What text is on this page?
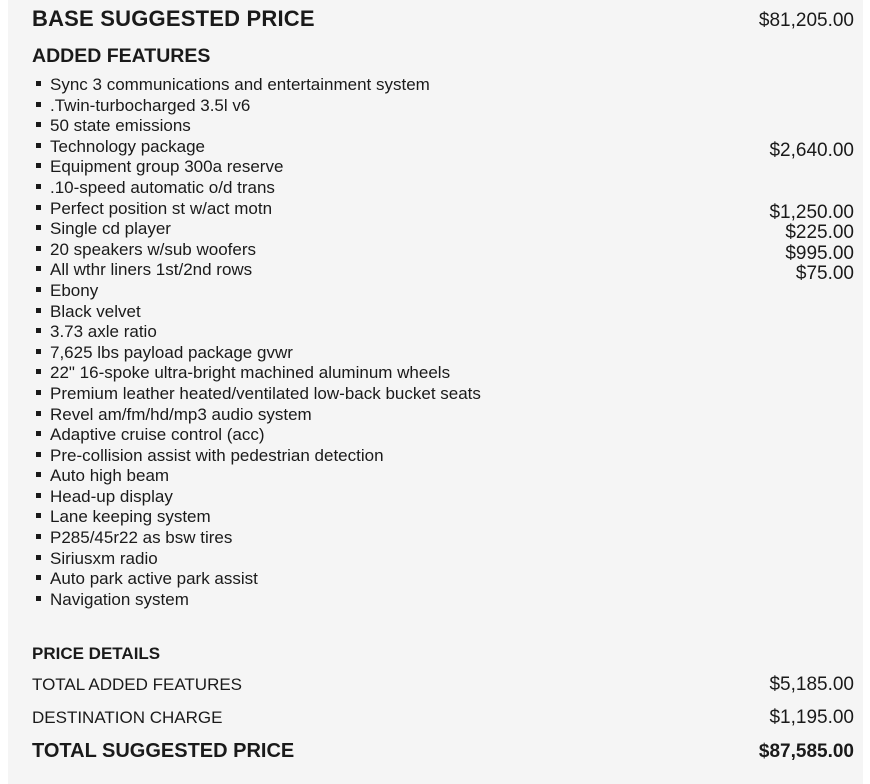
BASE SUGGESTED PRICE	$81,205.00
ADDED FEATURES
Sync 3 communications and entertainment system
.Twin-turbocharged 3.5l v6
50 state emissions
Technology package	$2,640.00
Equipment group 300a reserve
.10-speed automatic o/d trans
Perfect position st w/act motn	$1,250.00
Single cd player	$225.00
20 speakers w/sub woofers	$995.00
All wthr liners 1st/2nd rows	$75.00
Ebony
Black velvet
3.73 axle ratio
7,625 lbs payload package gvwr
22" 16-spoke ultra-bright machined aluminum wheels
Premium leather heated/ventilated low-back bucket seats
Revel am/fm/hd/mp3 audio system
Adaptive cruise control (acc)
Pre-collision assist with pedestrian detection
Auto high beam
Head-up display
Lane keeping system
P285/45r22 as bsw tires
Siriusxm radio
Auto park active park assist
Navigation system
PRICE DETAILS
TOTAL ADDED FEATURES	$5,185.00
DESTINATION CHARGE	$1,195.00
TOTAL SUGGESTED PRICE	$87,585.00
